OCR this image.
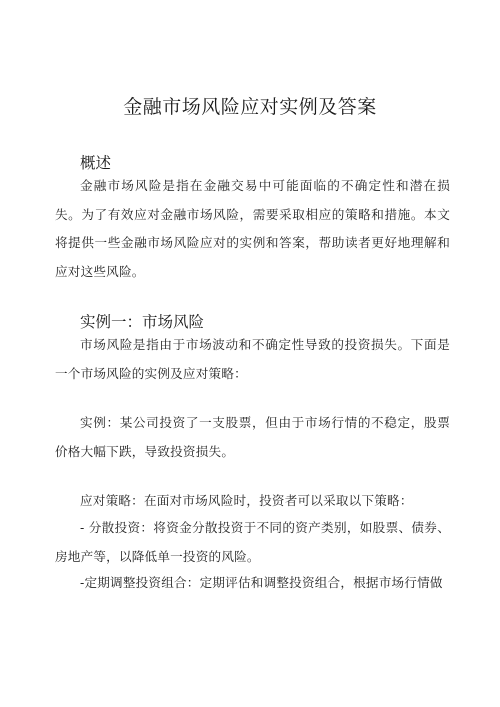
金融市场风险应对实例及答案
概述
金融市场风险是指在金融交易中可能面临的不确定性和潜在损失。为了有效应对金融市场风险，需要采取相应的策略和措施。本文将提供一些金融市场风险应对的实例和答案，帮助读者更好地理解和应对这些风险。
实例一：市场风险
市场风险是指由于市场波动和不确定性导致的投资损失。下面是一个市场风险的实例及应对策略：
实例：某公司投资了一支股票，但由于市场行情的不稳定，股票价格大幅下跌，导致投资损失。
应对策略：在面对市场风险时，投资者可以采取以下策略：
- 分散投资：将资金分散投资于不同的资产类别，如股票、债券、房地产等，以降低单一投资的风险。
-定期调整投资组合：定期评估和调整投资组合，根据市场行情做
